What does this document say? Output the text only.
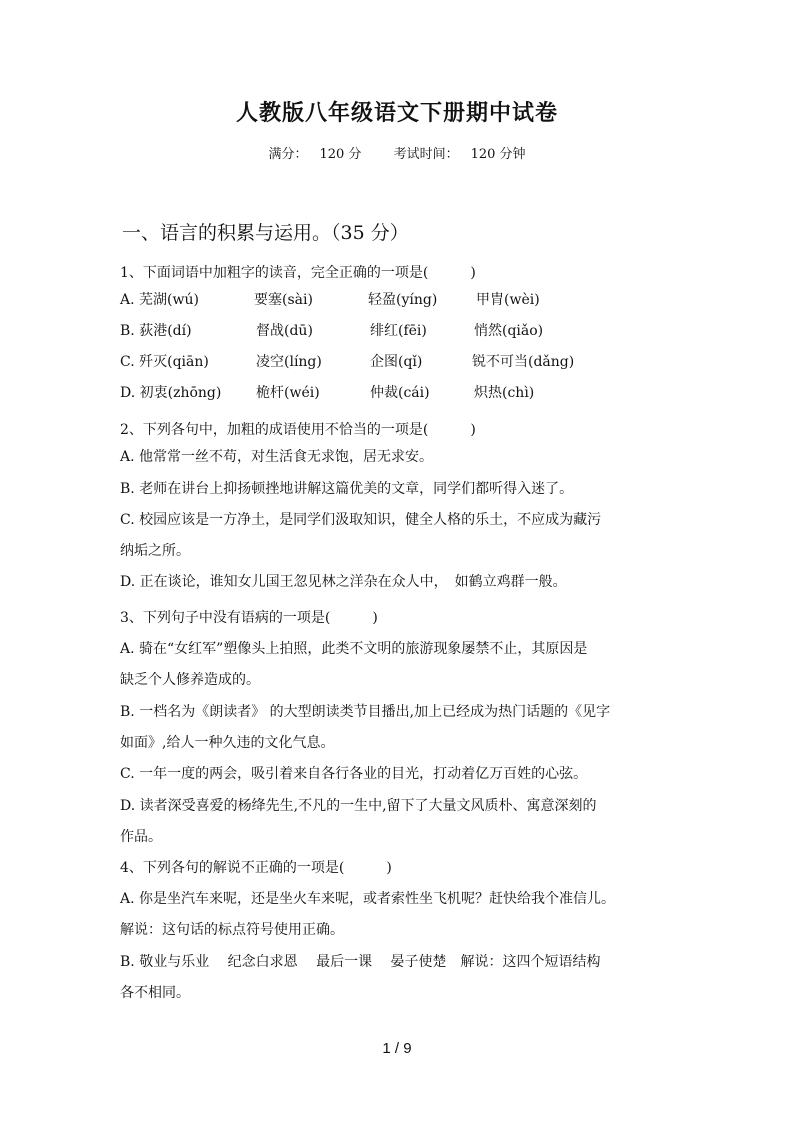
人教版八年级语文下册期中试卷
满分： 120 分 考试时间： 120 分钟
一、语言的积累与运用。（35 分）
1、下面词语中加粗字的读音，完全正确的一项是(　　　)
A. 芜湖(wú)	要塞(sài)	轻盈(yíng)	甲胄(wèi)
B. 荻港(dí)	督战(dū)	绯红(fēi)	悄然(qiǎo)
C. 歼灭(qiān)	凌空(líng)	企图(qǐ)	锐不可当(dǎng)
D. 初衷(zhōng) 桅杆(wéi)	仲裁(cái)	炽热(chì)
2、下列各句中，加粗的成语使用不恰当的一项是(　　　)
A. 他常常一丝不苟，对生活食无求饱，居无求安。
B. 老师在讲台上抑扬顿挫地讲解这篇优美的文章，同学们都听得入迷了。
C. 校园应该是一方净土，是同学们汲取知识，健全人格的乐土，不应成为藏污
纳垢之所。
D. 正在谈论，谁知女儿国王忽见林之洋杂在众人中，　如鹤立鸡群一般。
3、下列句子中没有语病的一项是(　　　)
A. 骑在“女红军”塑像头上拍照，此类不文明的旅游现象屡禁不止，其原因是
缺乏个人修养造成的。
B. 一档名为《朗读者》 的大型朗读类节目播出,加上已经成为热门话题的《见字
如面》,给人一种久违的文化气息。
C. 一年一度的两会，吸引着来自各行各业的目光，打动着亿万百姓的心弦。
D. 读者深受喜爱的杨绛先生,不凡的一生中,留下了大量文风质朴、寓意深刻的
作品。
4、下列各句的解说不正确的一项是(　　　)
A. 你是坐汽车来呢，还是坐火车来呢，或者索性坐飞机呢？赶快给我个准信儿。
解说：这句话的标点符号使用正确。
B. 敬业与乐业　 纪念白求恩　 最后一课　 晏子使楚　解说：这四个短语结构
各不相同。
1 / 9
